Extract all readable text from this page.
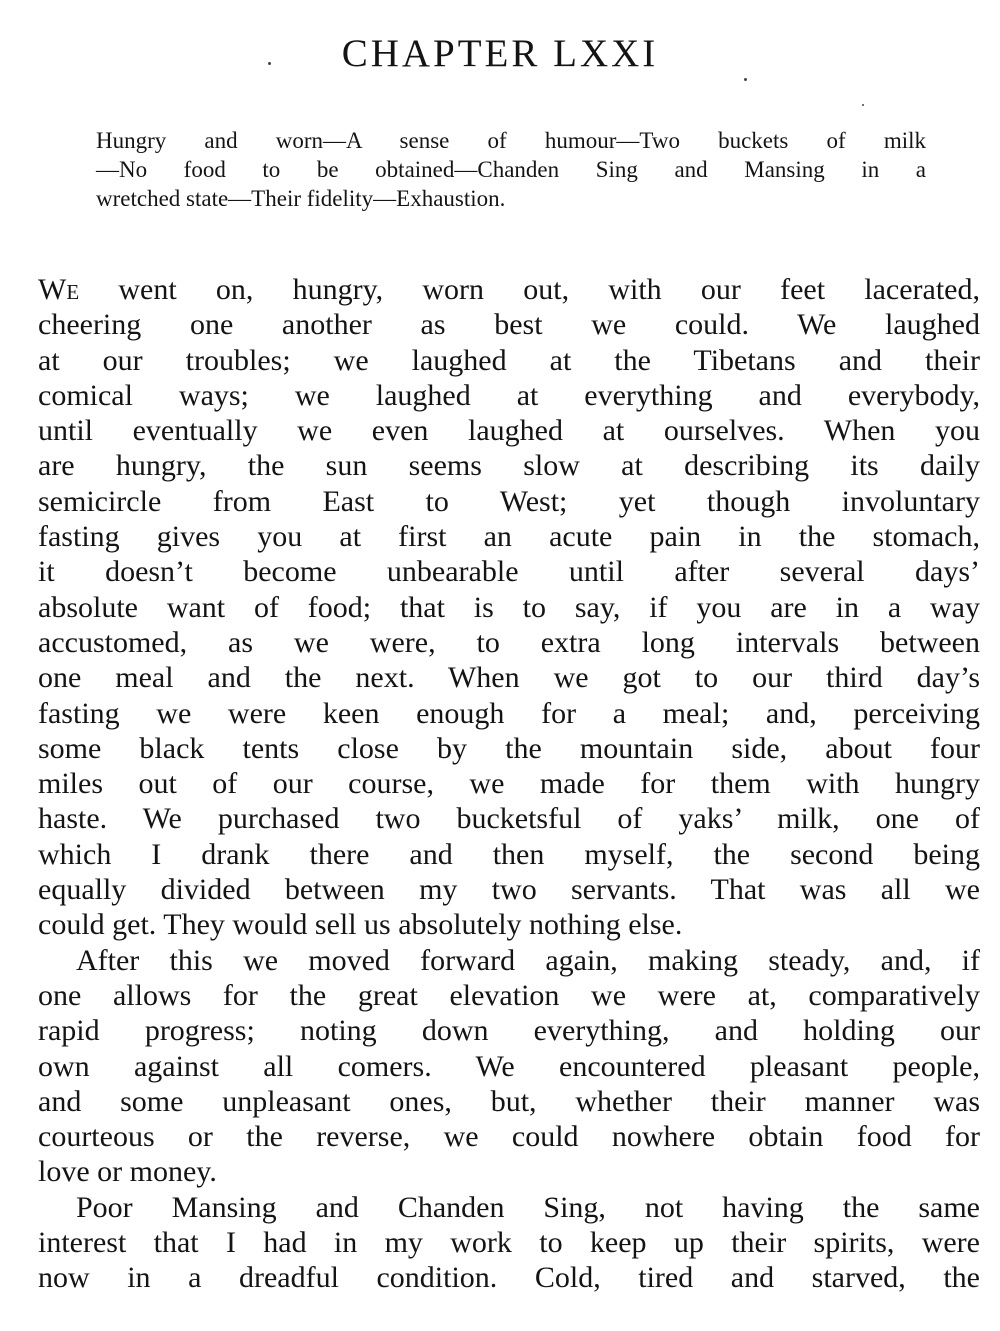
CHAPTER LXXI
Hungry and worn—A sense of humour—Two buckets of milk
—No food to be obtained—Chanden Sing and Mansing in a
wretched state—Their fidelity—Exhaustion.
We went on, hungry, worn out, with our feet lacerated,
cheering one another as best we could. We laughed
at our troubles; we laughed at the Tibetans and their
comical ways; we laughed at everything and everybody,
until eventually we even laughed at ourselves. When you
are hungry, the sun seems slow at describing its daily
semicircle from East to West; yet though involuntary
fasting gives you at first an acute pain in the stomach,
it doesn’t become unbearable until after several days’
absolute want of food; that is to say, if you are in a way
accustomed, as we were, to extra long intervals between
one meal and the next. When we got to our third day’s
fasting we were keen enough for a meal; and, perceiving
some black tents close by the mountain side, about four
miles out of our course, we made for them with hungry
haste. We purchased two bucketsful of yaks’ milk, one of
which I drank there and then myself, the second being
equally divided between my two servants. That was all we
could get. They would sell us absolutely nothing else.
After this we moved forward again, making steady, and, if
one allows for the great elevation we were at, comparatively
rapid progress; noting down everything, and holding our
own against all comers. We encountered pleasant people,
and some unpleasant ones, but, whether their manner was
courteous or the reverse, we could nowhere obtain food for
love or money.
Poor Mansing and Chanden Sing, not having the same
interest that I had in my work to keep up their spirits, were
now in a dreadful condition. Cold, tired and starved, the
